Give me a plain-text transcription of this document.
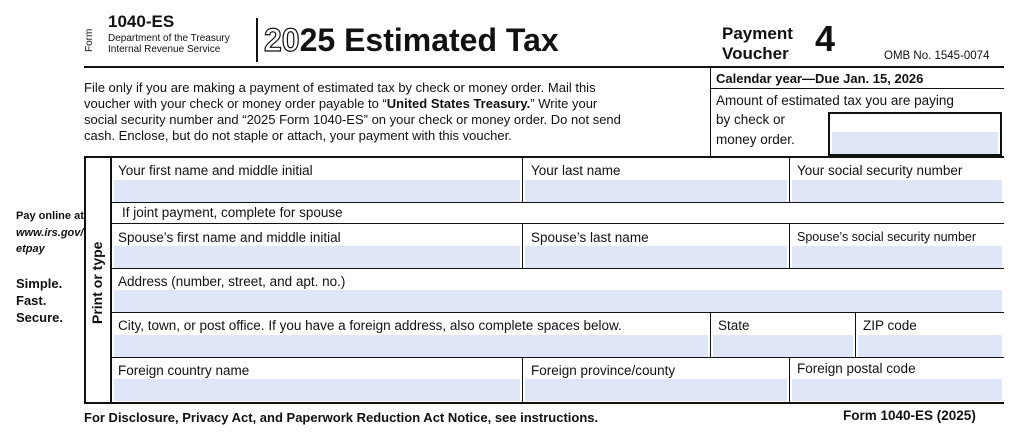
Form
1040-ES
Department of the Treasury
Internal Revenue Service 2025 Estimated Tax	Payment
Voucher 4	OMB No. 1545-0074
File only if you are making a payment of estimated tax by check or money order. Mail this
voucher with your check or money order payable to “United States Treasury.” Write your
social security number and “2025 Form 1040-ES” on your check or money order. Do not send
cash. Enclose, but do not staple or attach, your payment with this voucher.
Calendar year—Due Jan. 15, 2026
Amount of estimated tax you are paying
by check or
money order.
Pay online at
www.irs.gov/
etpay
Simple.
Fast.
Secure. Print or type
Your first name and middle initial	Your last name	Your social security number
If joint payment, complete for spouse
Spouse’s first name and middle initial	Spouse’s last name	Spouse’s social security number
Address (number, street, and apt. no.)
City, town, or post office. If you have a foreign address, also complete spaces below.	State	ZIP code
Foreign country name	Foreign province/county	Foreign postal code
For Disclosure, Privacy Act, and Paperwork Reduction Act Notice, see instructions.	Form 1040-ES (2025)
